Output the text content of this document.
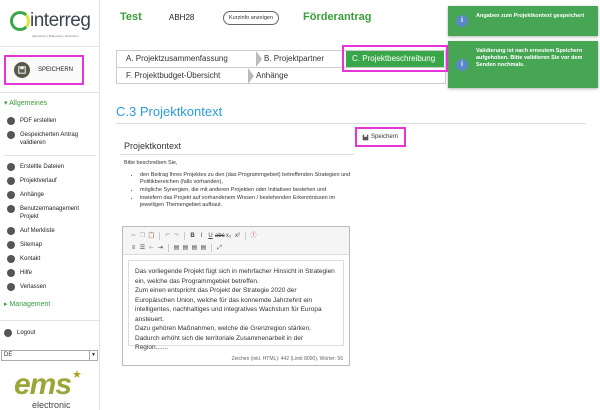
interreg
Alpenrhein | Bodensee | Hochrhein
SPEICHERN
▾ Allgemeines
PDF erstellen
Gespeicherten Antrag validieren
Erstellte Dateien
Projektverlauf
Anhänge
Benutzermanagement Projekt
Auf Merkliste
Sitemap
Kontakt
Hilfe
Verlassen
▸ Management
Logout
DE	▼
ems ★
electronic
Test	ABH28	Kurzinfo anzeigen	Förderantrag	i
Angaben zum Projektkontext gespeichert
i
Validierung ist nach erneutem Speichern aufgehoben. Bitte validieren Sie vor dem Senden nochmals.
A. Projektzusammenfassung	B. Projektpartner	C. Projektbeschreibung
F. Projektbudget-Übersicht	Anhänge
C.3 Projektkontext
Projektkontext
Speichern
Bitte beschreiben Sie,
• den Beitrag Ihres Projektes zu den (das Programmgebiet) betreffenden Strategien und Politikbereichen (falls vorhanden),
• mögliche Synergien, die mit anderen Projekten oder Initiativen bestehen und
• inwiefern das Projekt auf vorhandenem Wissen / bestehenden Erkenntnissen im jeweiligen Themengebiet aufbaut.
✂ ❐ 📋	↶ ↷	B I	U abc x₂ x²	Ⓣ
≡ ☰ ⇤ ⇥	▤ ▤ ▤ ▤	⤢
Das vorliegende Projekt fügt sich in mehrfacher Hinsicht in Strategien ein, welche das Programmgebiet betreffen.
Zum einen entspricht das Projekt der Strategie 2020 der Europäischen Union, welche für das konnemde Jahrzehnt ein intelligentes, nachhaltiges und integratives Wachstum für Europa ansteuert.
Dazu gehören Maßnahmen, welche die Grenzregion stärken. Dadurch erhöht sich die territoriale Zusammenarbeit in der Region.......
Zeichen (inkl. HTML): 442 (Limit 8000), Wörter: 56
